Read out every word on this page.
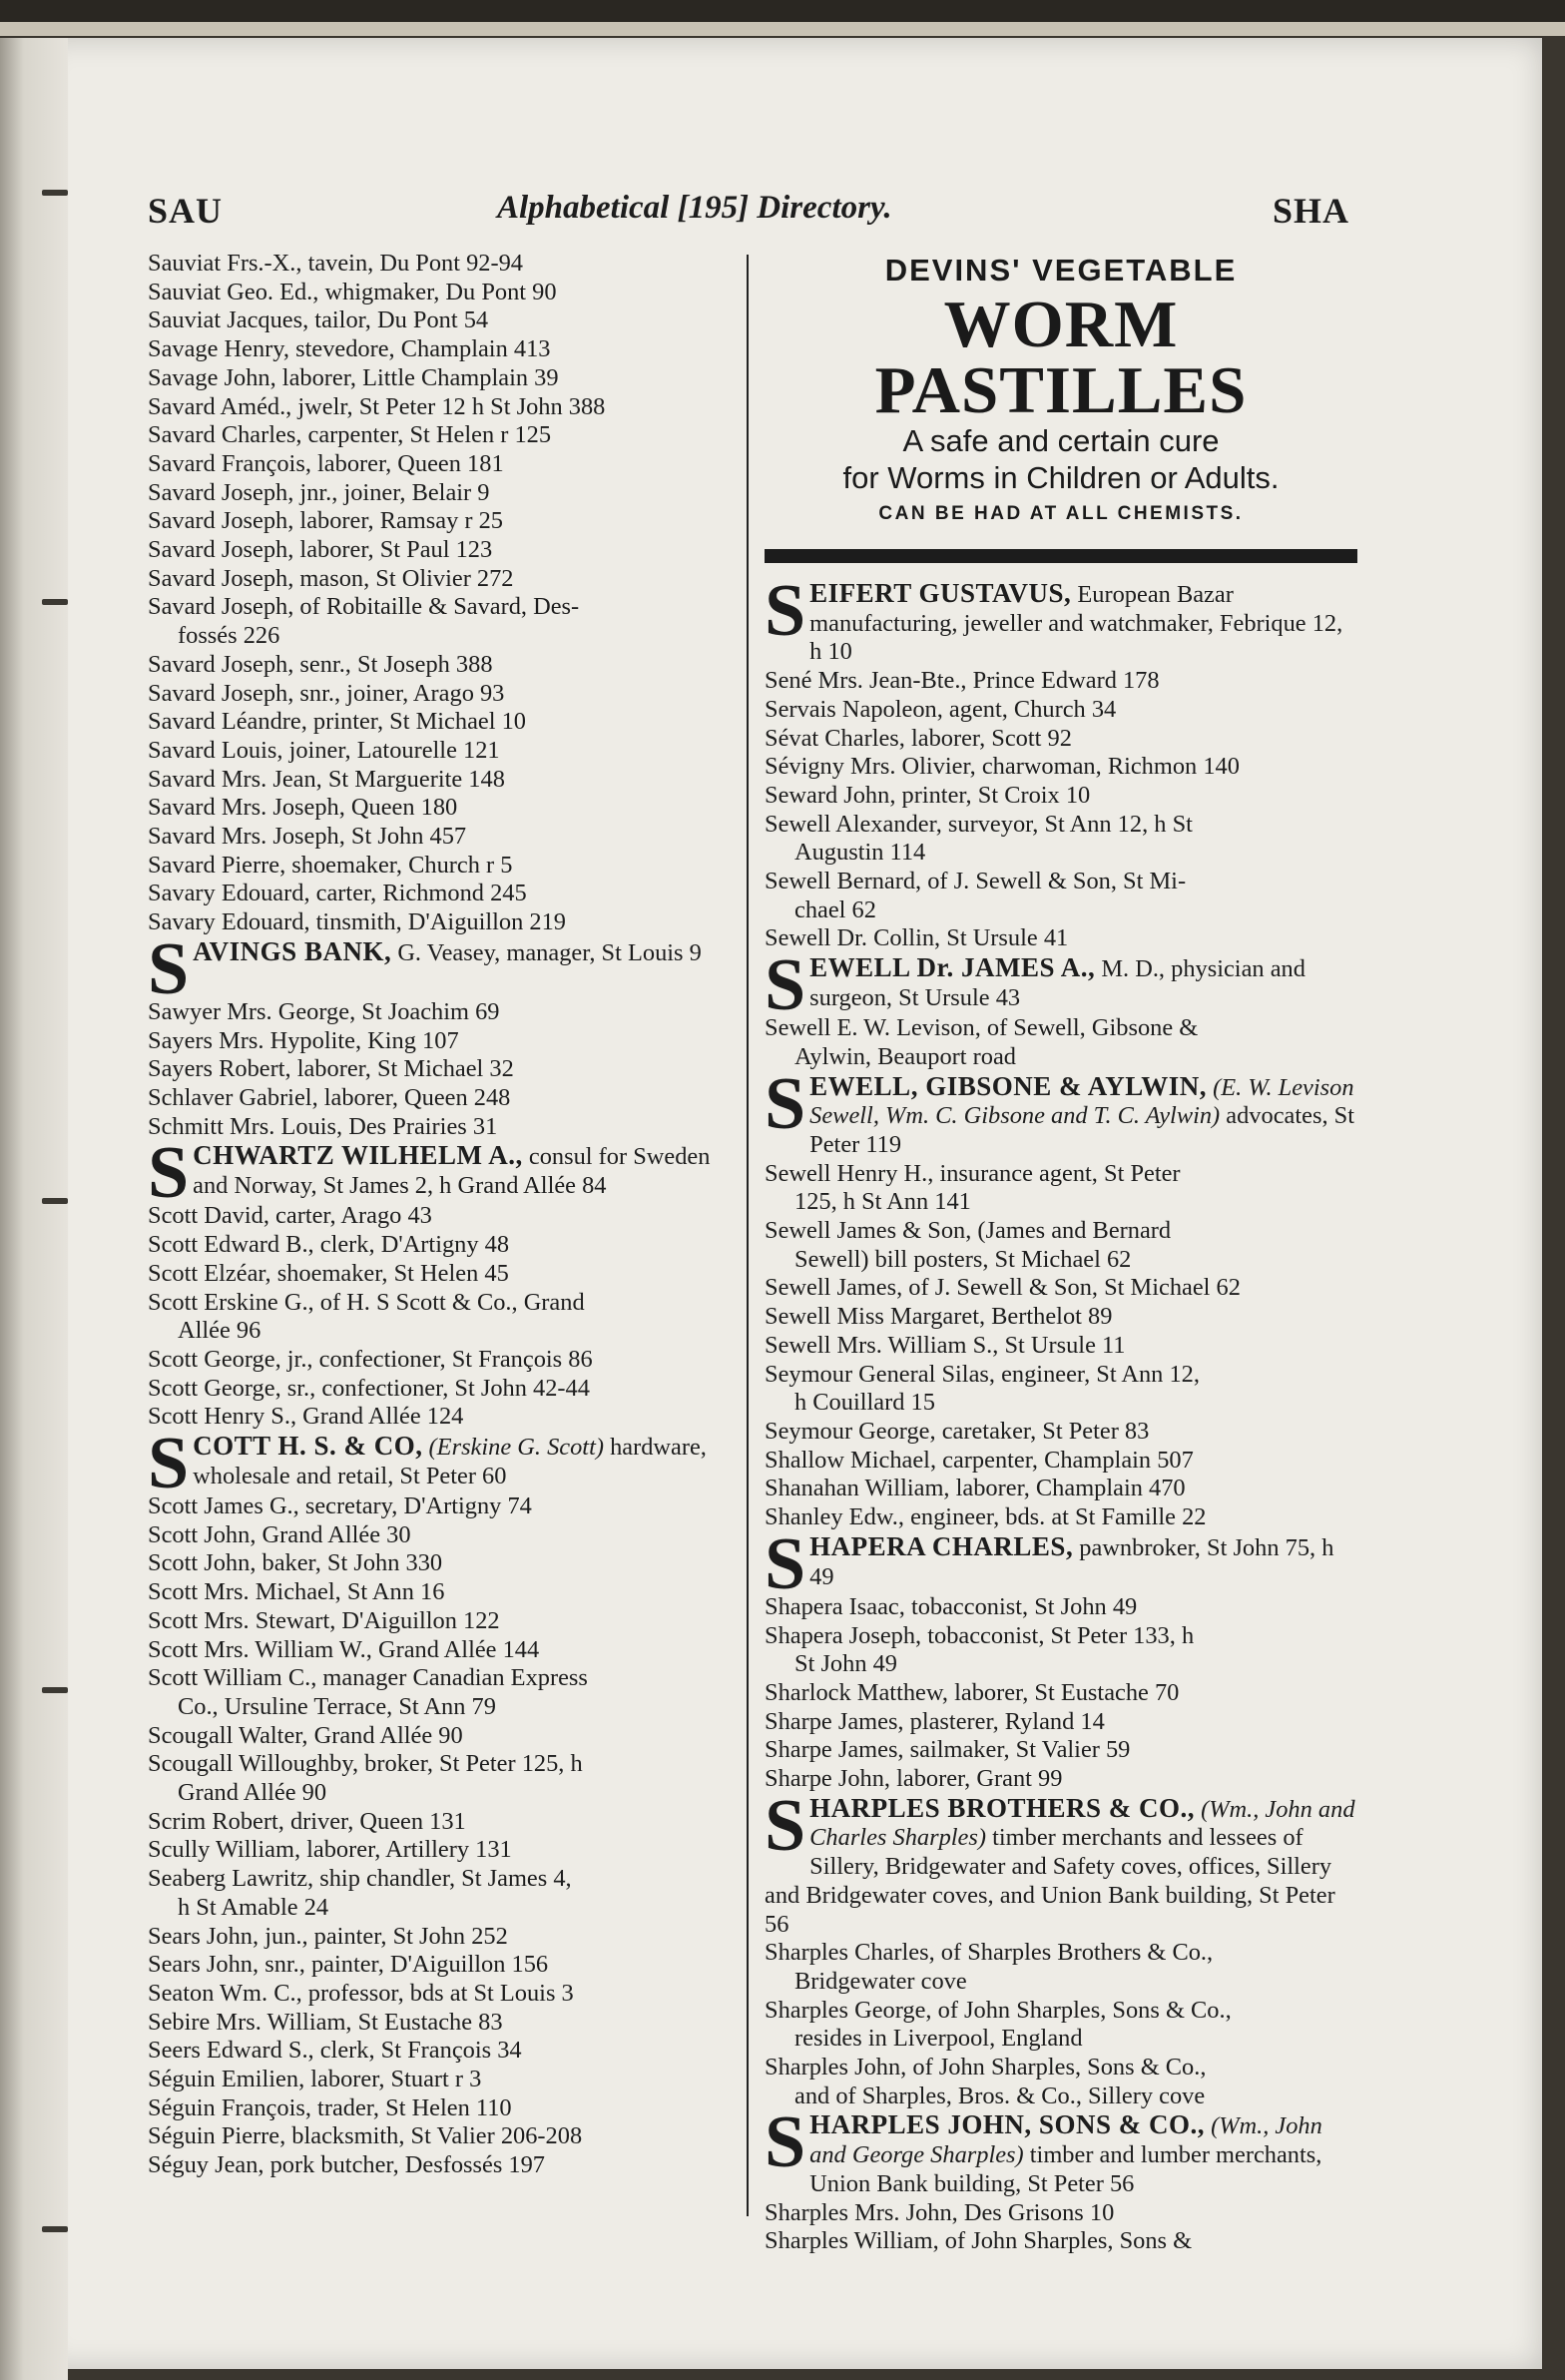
SAU	Alphabetical [195] Directory.	SHA
Sauviat Frs.-X., tavein, Du Pont 92-94
Sauviat Geo. Ed., whigmaker, Du Pont 90
Sauviat Jacques, tailor, Du Pont 54
Savage Henry, stevedore, Champlain 413
Savage John, laborer, Little Champlain 39
Savard Améd., jwelr, St Peter 12 h St John 388
Savard Charles, carpenter, St Helen r 125
Savard François, laborer, Queen 181
Savard Joseph, jnr., joiner, Belair 9
Savard Joseph, laborer, Ramsay r 25
Savard Joseph, laborer, St Paul 123
Savard Joseph, mason, St Olivier 272
Savard Joseph, of Robitaille & Savard, Des-
fossés 226
Savard Joseph, senr., St Joseph 388
Savard Joseph, snr., joiner, Arago 93
Savard Léandre, printer, St Michael 10
Savard Louis, joiner, Latourelle 121
Savard Mrs. Jean, St Marguerite 148
Savard Mrs. Joseph, Queen 180
Savard Mrs. Joseph, St John 457
Savard Pierre, shoemaker, Church r 5
Savary Edouard, carter, Richmond 245
Savary Edouard, tinsmith, D'Aiguillon 219
SAVINGS BANK, G. Veasey, manager, St Louis 9
Sawyer Mrs. George, St Joachim 69
Sayers Mrs. Hypolite, King 107
Sayers Robert, laborer, St Michael 32
Schlaver Gabriel, laborer, Queen 248
Schmitt Mrs. Louis, Des Prairies 31
SCHWARTZ WILHELM A., consul for Sweden and Norway, St James 2, h Grand Allée 84
Scott David, carter, Arago 43
Scott Edward B., clerk, D'Artigny 48
Scott Elzéar, shoemaker, St Helen 45
Scott Erskine G., of H. S Scott & Co., Grand
Allée 96
Scott George, jr., confectioner, St François 86
Scott George, sr., confectioner, St John 42-44
Scott Henry S., Grand Allée 124
SCOTT H. S. & CO, (Erskine G. Scott) hardware, wholesale and retail, St Peter 60
Scott James G., secretary, D'Artigny 74
Scott John, Grand Allée 30
Scott John, baker, St John 330
Scott Mrs. Michael, St Ann 16
Scott Mrs. Stewart, D'Aiguillon 122
Scott Mrs. William W., Grand Allée 144
Scott William C., manager Canadian Express
Co., Ursuline Terrace, St Ann 79
Scougall Walter, Grand Allée 90
Scougall Willoughby, broker, St Peter 125, h
Grand Allée 90
Scrim Robert, driver, Queen 131
Scully William, laborer, Artillery 131
Seaberg Lawritz, ship chandler, St James 4,
h St Amable 24
Sears John, jun., painter, St John 252
Sears John, snr., painter, D'Aiguillon 156
Seaton Wm. C., professor, bds at St Louis 3
Sebire Mrs. William, St Eustache 83
Seers Edward S., clerk, St François 34
Séguin Emilien, laborer, Stuart r 3
Séguin François, trader, St Helen 110
Séguin Pierre, blacksmith, St Valier 206-208
Séguy Jean, pork butcher, Desfossés 197
DEVINS' VEGETABLE
WORM PASTILLES
A safe and certain cure
for Worms in Children or Adults.
CAN BE HAD AT ALL CHEMISTS.
SEIFERT GUSTAVUS, European Bazar manufacturing, jeweller and watchmaker, Febrique 12, h 10
Sené Mrs. Jean-Bte., Prince Edward 178
Servais Napoleon, agent, Church 34
Sévat Charles, laborer, Scott 92
Sévigny Mrs. Olivier, charwoman, Richmon 140
Seward John, printer, St Croix 10
Sewell Alexander, surveyor, St Ann 12, h St
Augustin 114
Sewell Bernard, of J. Sewell & Son, St Mi-
chael 62
Sewell Dr. Collin, St Ursule 41
SEWELL Dr. JAMES A., M. D., physician and surgeon, St Ursule 43
Sewell E. W. Levison, of Sewell, Gibsone &
Aylwin, Beauport road
SEWELL, GIBSONE & AYLWIN, (E. W. Levison Sewell, Wm. C. Gibsone and T. C. Aylwin) advocates, St Peter 119
Sewell Henry H., insurance agent, St Peter
125, h St Ann 141
Sewell James & Son, (James and Bernard
Sewell) bill posters, St Michael 62
Sewell James, of J. Sewell & Son, St Michael 62
Sewell Miss Margaret, Berthelot 89
Sewell Mrs. William S., St Ursule 11
Seymour General Silas, engineer, St Ann 12,
h Couillard 15
Seymour George, caretaker, St Peter 83
Shallow Michael, carpenter, Champlain 507
Shanahan William, laborer, Champlain 470
Shanley Edw., engineer, bds. at St Famille 22
SHAPERA CHARLES, pawnbroker, St John 75, h 49
Shapera Isaac, tobacconist, St John 49
Shapera Joseph, tobacconist, St Peter 133, h
St John 49
Sharlock Matthew, laborer, St Eustache 70
Sharpe James, plasterer, Ryland 14
Sharpe James, sailmaker, St Valier 59
Sharpe John, laborer, Grant 99
SHARPLES BROTHERS & CO., (Wm., John and Charles Sharples) timber merchants and lessees of Sillery, Bridgewater and Safety coves, offices, Sillery and Bridgewater coves, and Union Bank building, St Peter 56
Sharples Charles, of Sharples Brothers & Co.,
Bridgewater cove
Sharples George, of John Sharples, Sons & Co.,
resides in Liverpool, England
Sharples John, of John Sharples, Sons & Co.,
and of Sharples, Bros. & Co., Sillery cove
SHARPLES JOHN, SONS & CO., (Wm., John and George Sharples) timber and lumber merchants, Union Bank building, St Peter 56
Sharples Mrs. John, Des Grisons 10
Sharples William, of John Sharples, Sons &
